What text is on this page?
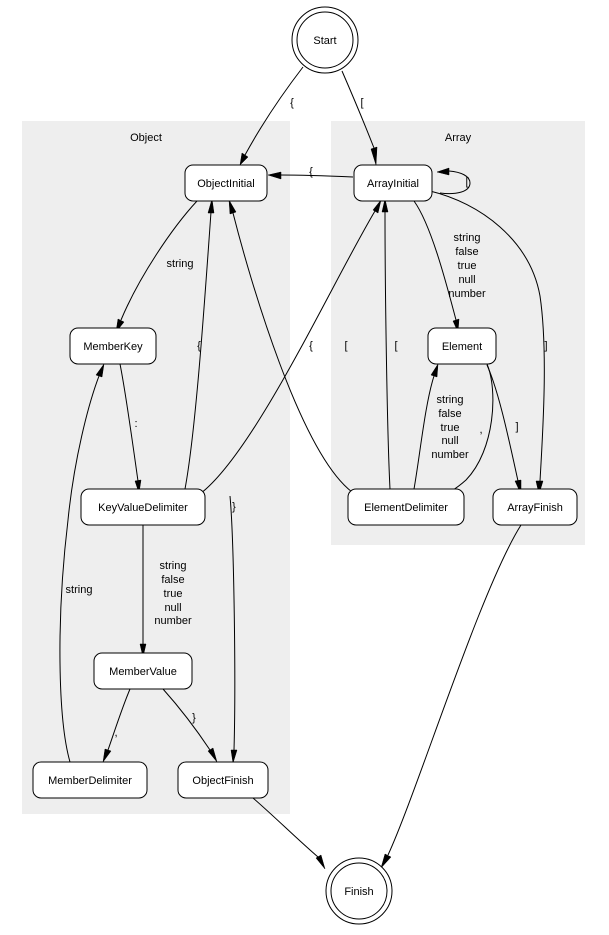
Object	Array
Start
ObjectInitial	ArrayInitial
MemberKey	Element
KeyValueDelimiter	ElementDelimiter	ArrayFinish
MemberValue
MemberDelimiter	ObjectFinish
Finish
{	[
{
[
string
:
[
{	[
{	]
]
,
}
string
,
}
string
false
true
null
number
string
false
true
null
number
string
false
true
null
number
